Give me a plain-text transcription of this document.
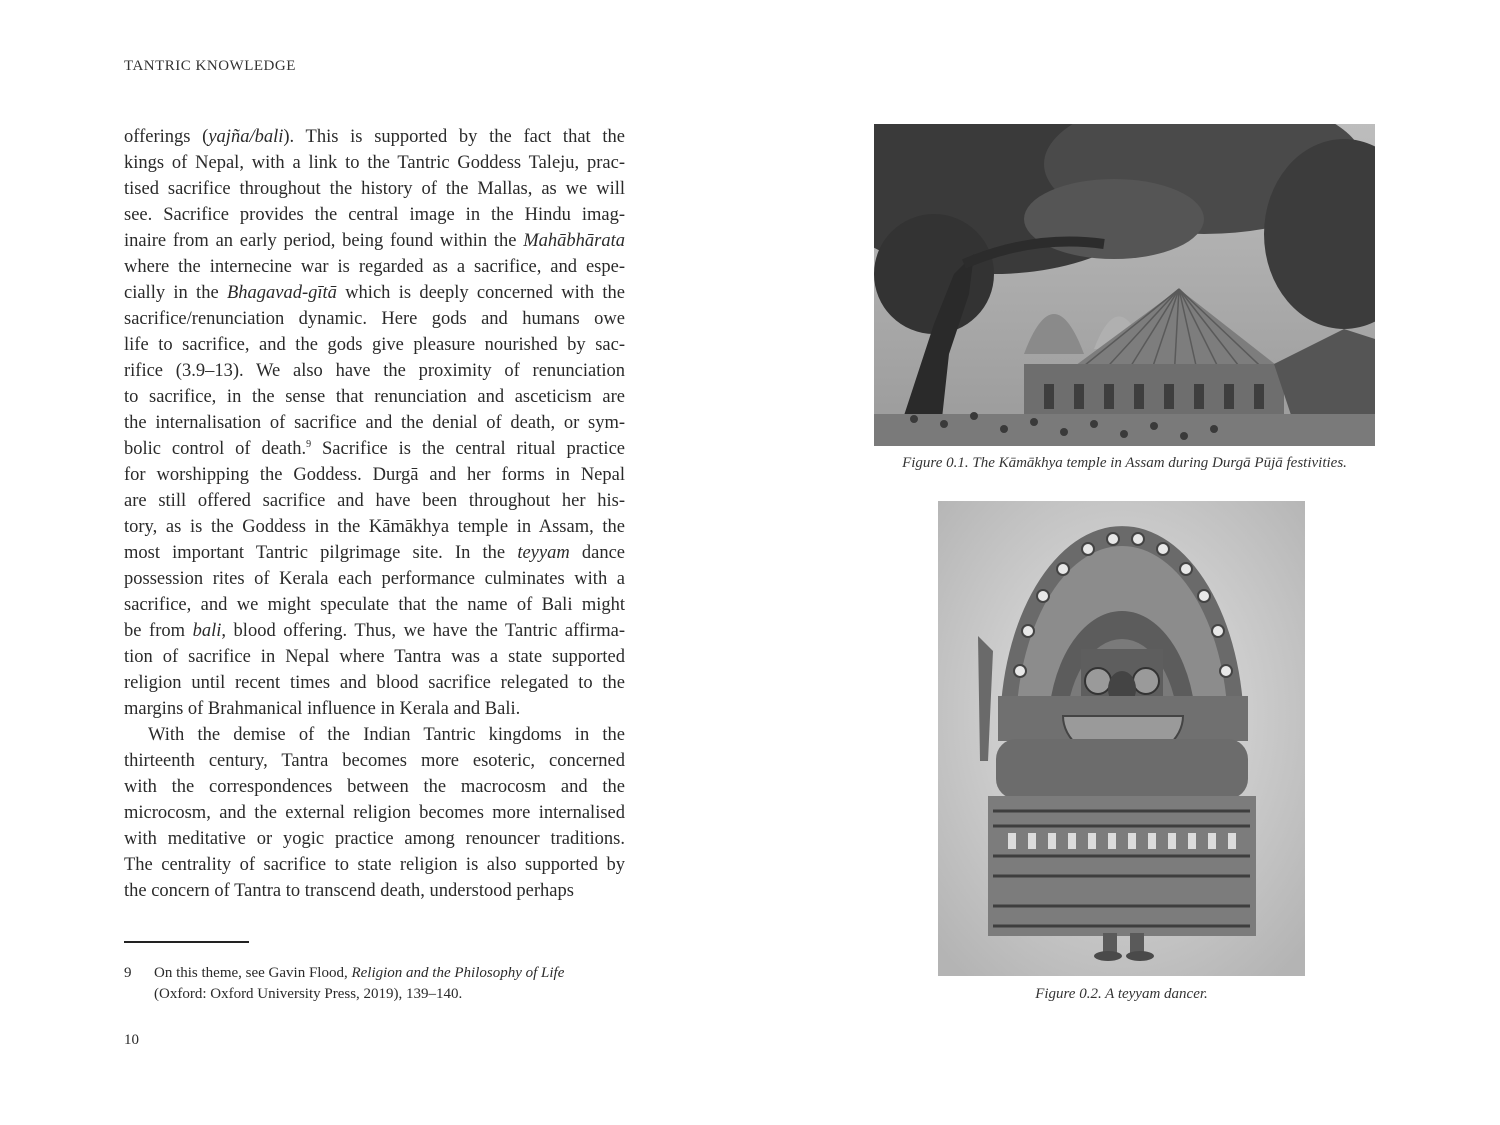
TANTRIC KNOWLEDGE
offerings (yajña/bali). This is supported by the fact that the
kings of Nepal, with a link to the Tantric Goddess Taleju, prac-
tised sacrifice throughout the history of the Mallas, as we will
see. Sacrifice provides the central image in the Hindu imag-
inaire from an early period, being found within the Mahābhārata
where the internecine war is regarded as a sacrifice, and espe-
cially in the Bhagavad-gītā which is deeply concerned with the
sacrifice/renunciation dynamic. Here gods and humans owe
life to sacrifice, and the gods give pleasure nourished by sac-
rifice (3.9–13). We also have the proximity of renunciation
to sacrifice, in the sense that renunciation and asceticism are
the internalisation of sacrifice and the denial of death, or sym-
bolic control of death.$^9$ Sacrifice is the central ritual practice
for worshipping the Goddess. Durgā and her forms in Nepal
are still offered sacrifice and have been throughout her his-
tory, as is the Goddess in the Kāmākhya temple in Assam, the
most important Tantric pilgrimage site. In the teyyam dance
possession rites of Kerala each performance culminates with a
sacrifice, and we might speculate that the name of Bali might
be from bali, blood offering. Thus, we have the Tantric affirma-
tion of sacrifice in Nepal where Tantra was a state supported
religion until recent times and blood sacrifice relegated to the
margins of Brahmanical influence in Kerala and Bali.
With the demise of the Indian Tantric kingdoms in the
thirteenth century, Tantra becomes more esoteric, concerned
with the correspondences between the macrocosm and the
microcosm, and the external religion becomes more internalised
with meditative or yogic practice among renouncer traditions.
The centrality of sacrifice to state religion is also supported by
the concern of Tantra to transcend death, understood perhaps
9 On this theme, see Gavin Flood, Religion and the Philosophy of Life
(Oxford: Oxford University Press, 2019), 139–140.
10
Figure 0.1. The Kāmākhya temple in Assam during Durgā Pūjā festivities.
Figure 0.2. A teyyam dancer.
